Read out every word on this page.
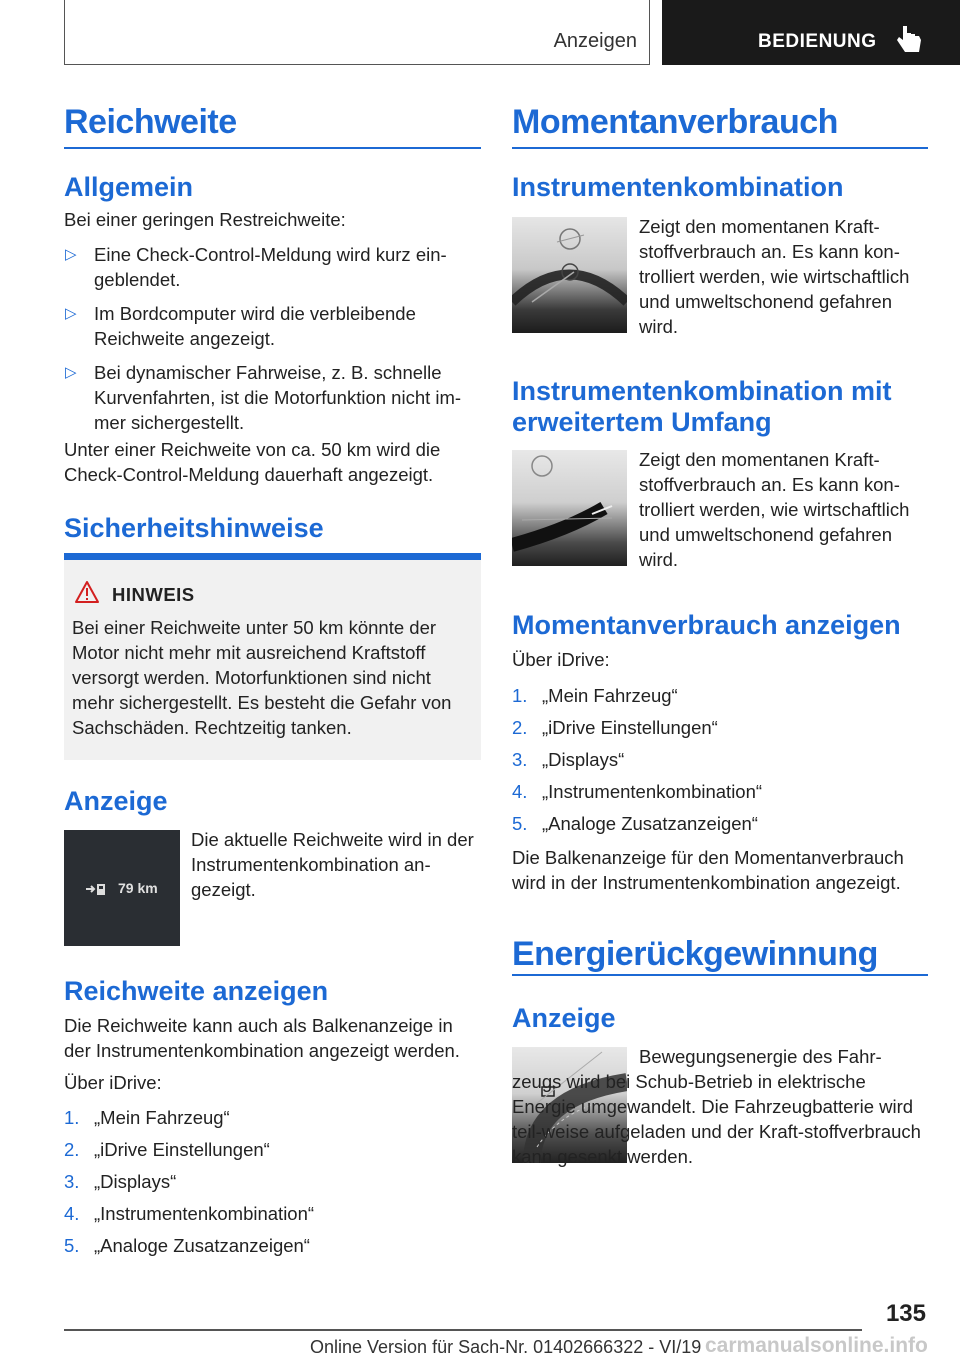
Anzeigen	BEDIENUNG
Reichweite
Allgemein

Bei einer geringen Restreichweite:

▷ Eine Check-Control-Meldung wird kurz ein-geblendet.
▷ Im Bordcomputer wird die verbleibende Reichweite angezeigt.
▷ Bei dynamischer Fahrweise, z. B. schnelle Kurvenfahrten, ist die Motorfunktion nicht im-mer sichergestellt.

Unter einer Reichweite von ca. 50 km wird die Check-Control-Meldung dauerhaft angezeigt.

Sicherheitshinweise
HINWEIS
Bei einer Reichweite unter 50 km könnte der Motor nicht mehr mit ausreichend Kraftstoff versorgt werden. Motorfunktionen sind nicht mehr sichergestellt. Es besteht die Gefahr von Sachschäden. Rechtzeitig tanken.
Anzeige
79 km

Die aktuelle Reichweite wird in der Instrumentenkombination an-gezeigt.

Reichweite anzeigen

Die Reichweite kann auch als Balkenanzeige in der Instrumentenkombination angezeigt werden.

Über iDrive:

1. „Mein Fahrzeug“
2. „iDrive Einstellungen“
3. „Displays“
4. „Instrumentenkombination“
5. „Analoge Zusatzanzeigen“
Momentanverbrauch
Instrumentenkombination

Zeigt den momentanen Kraft-stoffverbrauch an. Es kann kon-trolliert werden, wie wirtschaftlich und umweltschonend gefahren wird.

Instrumentenkombination mit
erweitertem Umfang

Zeigt den momentanen Kraft-stoffverbrauch an. Es kann kon-trolliert werden, wie wirtschaftlich und umweltschonend gefahren wird.

Momentanverbrauch anzeigen

Über iDrive:

1. „Mein Fahrzeug“
2. „iDrive Einstellungen“
3. „Displays“
4. „Instrumentenkombination“
5. „Analoge Zusatzanzeigen“

Die Balkenanzeige für den Momentanverbrauch wird in der Instrumentenkombination angezeigt.

Energierückgewinnung
Anzeige

Bewegungsenergie des Fahr-zeugs wird bei Schub-Betrieb in elektrische Energie umgewandelt. Die Fahrzeugbatterie wird teil-weise aufgeladen und der Kraft-stoffverbrauch kann gesenkt werden.

135
Online Version für Sach-Nr. 01402666322 - VI/19 carmanualsonline.info
